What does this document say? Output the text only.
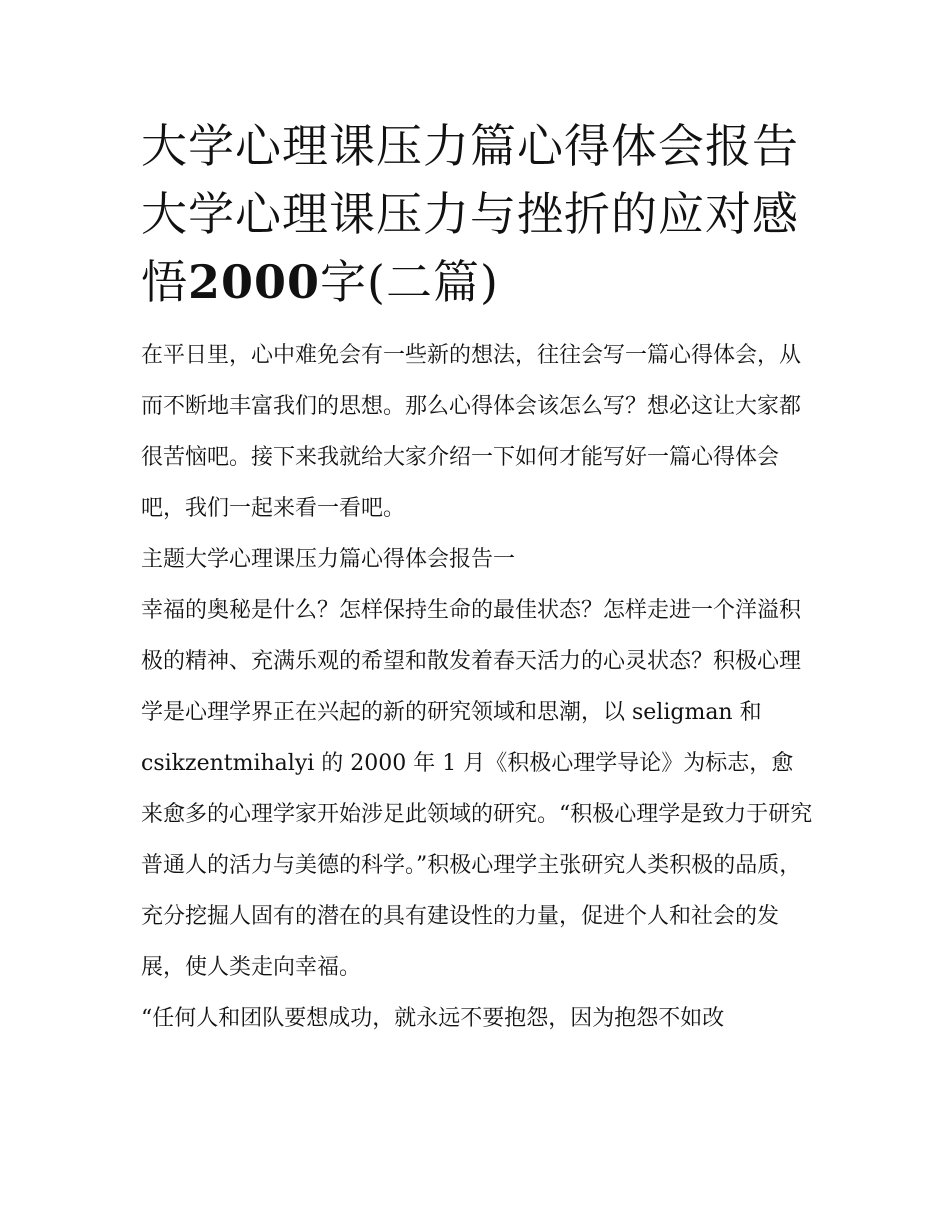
大学心理课压力篇心得体会报告 大学心理课压力与挫折的应对感悟2000字(二篇)

在平日里，心中难免会有一些新的想法，往往会写一篇心得体会，从而不断地丰富我们的思想。那么心得体会该怎么写？想必这让大家都很苦恼吧。接下来我就给大家介绍一下如何才能写好一篇心得体会吧，我们一起来看一看吧。

主题大学心理课压力篇心得体会报告一

幸福的奥秘是什么？怎样保持生命的最佳状态？怎样走进一个洋溢积极的精神、充满乐观的希望和散发着春天活力的心灵状态？积极心理学是心理学界正在兴起的新的研究领域和思潮，以 seligman 和 csikzentmihalyi 的 2000 年 1 月《积极心理学导论》为标志，愈来愈多的心理学家开始涉足此领域的研究。“积极心理学是致力于研究普通人的活力与美德的科学。”积极心理学主张研究人类积极的品质，充分挖掘人固有的潜在的具有建设性的力量，促进个人和社会的发展，使人类走向幸福。

“任何人和团队要想成功，就永远不要抱怨，因为抱怨不如改
